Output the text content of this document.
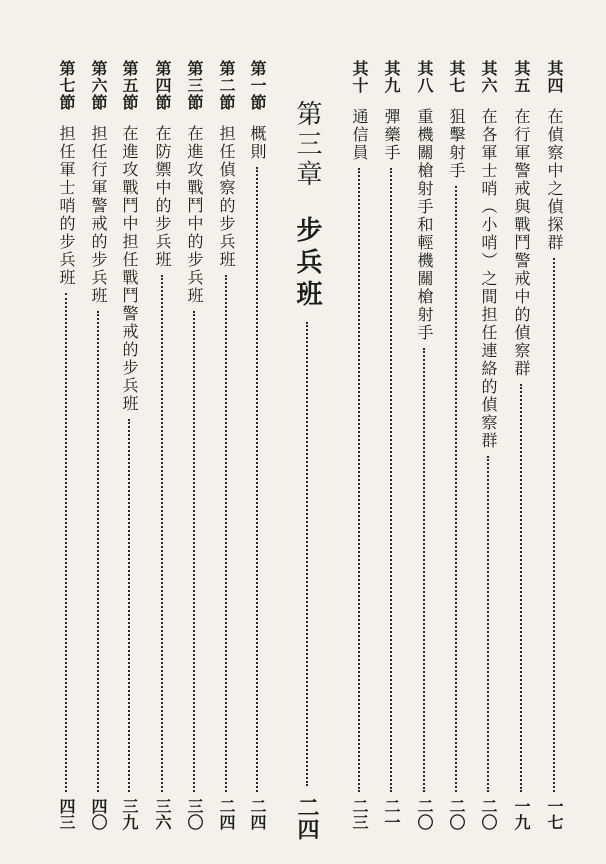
其四
在偵察中之偵探群
一七
其五
在行軍警戒與戰鬥警戒中的偵察群
一九
其六
在各軍士哨（小哨）之間担任連絡的偵察群
二〇
其七
狙擊射手
二〇
其八
重機關槍射手和輕機關槍射手
二〇
其九
彈藥手
二一
其十
通信員
二三
第三章
步兵班
二四
第一節
概則
二四
第二節
担任偵察的步兵班
二四
第三節
在進攻戰鬥中的步兵班
三〇
第四節
在防禦中的步兵班
三六
第五節
在進攻戰鬥中担任戰鬥警戒的步兵班
三九
第六節
担任行軍警戒的步兵班
四〇
第七節
担任軍士哨的步兵班
四三
